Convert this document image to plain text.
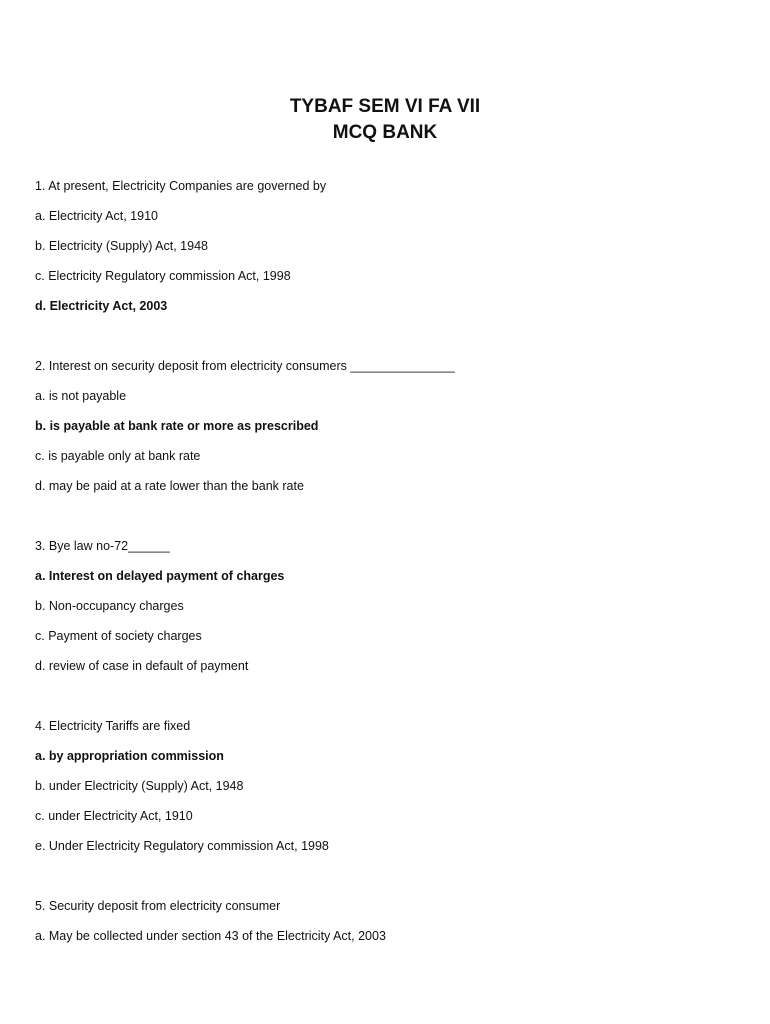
TYBAF SEM VI FA VII
MCQ BANK
1. At present, Electricity Companies are governed by
a. Electricity Act, 1910
b. Electricity (Supply) Act, 1948
c. Electricity Regulatory commission Act, 1998
d. Electricity Act, 2003
2. Interest on security deposit from electricity consumers _______________
a. is not payable
b. is payable at bank rate or more as prescribed
c. is payable only at bank rate
d. may be paid at a rate lower than the bank rate
3. Bye law no-72______
a. Interest on delayed payment of charges
b. Non-occupancy charges
c. Payment of society charges
d. review of case in default of payment
4. Electricity Tariffs are fixed
a. by appropriation commission
b. under Electricity (Supply) Act, 1948
c. under Electricity Act, 1910
e. Under Electricity Regulatory commission Act, 1998
5. Security deposit from electricity consumer
a. May be collected under section 43 of the Electricity Act, 2003
